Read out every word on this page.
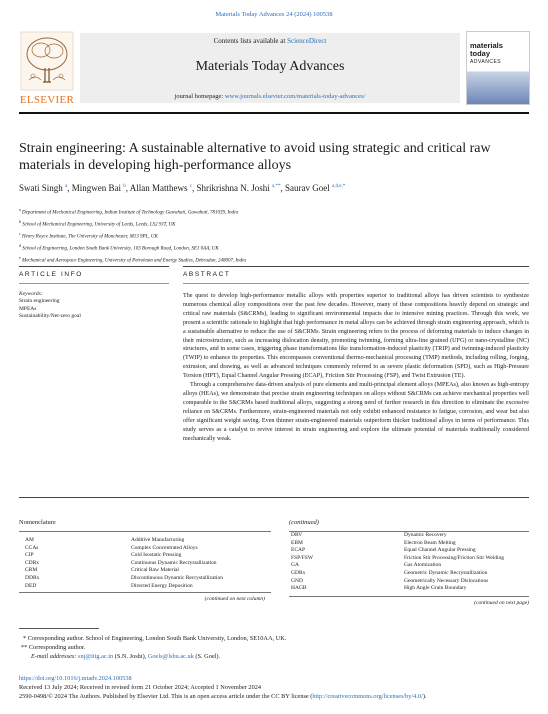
Materials Today Advances 24 (2024) 100538
ELSEVIER
Contents lists available at ScienceDirect
Materials Today Advances
journal homepage: www.journals.elsevier.com/materials-today-advances/
materials
today
ADVANCES
Strain engineering: A sustainable alternative to avoid using strategic and critical raw materials in developing high-performance alloys
Swati Singh $^a$, Mingwen Bai $^b$, Allan Matthews $^c$, Shrikrishna N. Joshi $^{a,**}$, Saurav Goel $^{a,d,e,*}$
$^a$ Department of Mechanical Engineering, Indian Institute of Technology Guwahati, Guwahati, 781039, India
$^b$ School of Mechanical Engineering, University of Leeds, Leeds, LS2 9JT, UK
$^c$ Henry Royce Institute, The University of Manchester, M13 9PL, UK
$^d$ School of Engineering, London South Bank University, 103 Borough Road, London, SE1 0AA, UK
$^e$ Mechanical and Aerospace Engineering, University of Petroleum and Energy Studies, Dehradun, 248007, India
ARTICLE INFO	ABSTRACT
Keywords:
Strain engineering
MPEAs
Sustainability/Net-zero goal

The quest to develop high-performance metallic alloys with properties superior to traditional alloys has driven scientists to synthesize numerous chemical alloy compositions over the past few decades. However, many of these compositions heavily depend on strategic and critical raw materials (S&CRMs), leading to significant environmental impacts due to intensive mining practices. Through this work, we present a scientific rationale to highlight that high performance in metal alloys can be achieved through strain engineering approach, which is a sustainable alternative to reduce the use of S&CRMs. Strain engineering refers to the process of deforming materials to induce changes in their microstructure, such as increasing dislocation density, promoting twinning, forming ultra-fine grained (UFG) or nano-crystalline (NC) structures, and in some cases, triggering phase transformations like transformation-induced plasticity (TRIP) and twinning-induced plasticity (TWIP) to enhance its properties. This encompasses conventional thermo-mechanical processing (TMP) methods, including rolling, forging, extrusion, and drawing, as well as advanced techniques commonly referred to as severe plastic deformation (SPD), such as High-Pressure Torsion (HPT), Equal Channel Angular Pressing (ECAP), Friction Stir Processing (FSP), and Twist Extrusion (TE).

Through a comprehensive data-driven analysis of pure elements and multi-principal element alloys (MPEAs), also known as high-entropy alloys (HEAs), we demonstrate that precise strain engineering techniques on alloys without S&CRMs can achieve mechanical properties well comparable to the S&CRMs based traditional alloys, suggesting a strong need of further research in this direction to eliminate the excessive reliance on S&CRMs. Furthermore, strain-engineered materials not only exhibit enhanced resistance to fatigue, corrosion, and wear but also offer significant weight saving. Even thinner strain-engineered materials outperform thicker traditional alloys in terms of performance. This study serves as a catalyst to revive interest in strain engineering and explore the ultimate potential of materials traditionally considered mechanically weak.

Nomenclature
AM	Additive Manufacturing
CCAs	Complex Concentrated Alloys
CIP	Cold Isostatic Pressing
CDRx	Continuous Dynamic Recrystallization
CRM	Critical Raw Material
DDRx	Discontinuous Dynamic Recrystallization
DED	Directed Energy Deposition
(continued on next column)
(continued)
DRV	Dynamic Recovery
EBM	Electron Beam Melting
ECAP	Equal Channel Angular Pressing
FSP/FSW	Friction Stir Processing/Friction Stir Welding
GA	Gas Atomization
GDRx	Geometric Dynamic Recrystallization
GND	Geometrically Necessary Dislocations
HAGB	High Angle Grain Boundary
(continued on next page)
* Corresponding author. School of Engineering, London South Bank University, London, SE10AA, UK.
** Corresponding author.
E-mail addresses: snj@iitg.ac.in (S.N. Joshi), Goels@lsbu.ac.uk (S. Goel).
https://doi.org/10.1016/j.mtadv.2024.100538
Received 13 July 2024; Received in revised form 21 October 2024; Accepted 1 November 2024
2590-0498/© 2024 The Authors. Published by Elsevier Ltd. This is an open access article under the CC BY license (http://creativecommons.org/licenses/by/4.0/).
